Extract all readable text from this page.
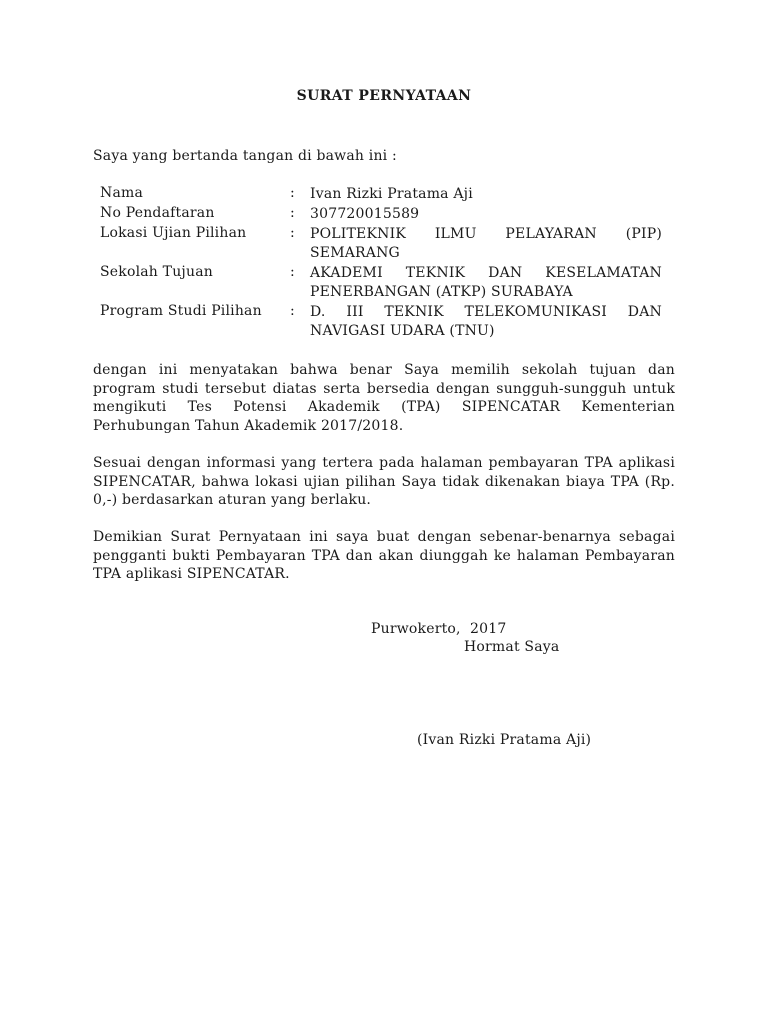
SURAT PERNYATAAN
Saya yang bertanda tangan di bawah ini :
Nama	: Ivan Rizki Pratama Aji
No Pendaftaran	: 307720015589
Lokasi Ujian Pilihan	: POLITEKNIK ILMU PELAYARAN (PIP) SEMARANG
Sekolah Tujuan	: AKADEMI TEKNIK DAN KESELAMATAN PENERBANGAN (ATKP) SURABAYA
Program Studi Pilihan	: D. III TEKNIK TELEKOMUNIKASI DAN NAVIGASI UDARA (TNU)

dengan ini menyatakan bahwa benar Saya memilih sekolah tujuan dan program studi tersebut diatas serta bersedia dengan sungguh-sungguh untuk mengikuti Tes Potensi Akademik (TPA) SIPENCATAR Kementerian Perhubungan Tahun Akademik 2017/2018.

Sesuai dengan informasi yang tertera pada halaman pembayaran TPA aplikasi SIPENCATAR, bahwa lokasi ujian pilihan Saya tidak dikenakan biaya TPA (Rp. 0,-) berdasarkan aturan yang berlaku.

Demikian Surat Pernyataan ini saya buat dengan sebenar-benarnya sebagai pengganti bukti Pembayaran TPA dan akan diunggah ke halaman Pembayaran TPA aplikasi SIPENCATAR.

Purwokerto,  2017
Hormat Saya
(Ivan Rizki Pratama Aji)
